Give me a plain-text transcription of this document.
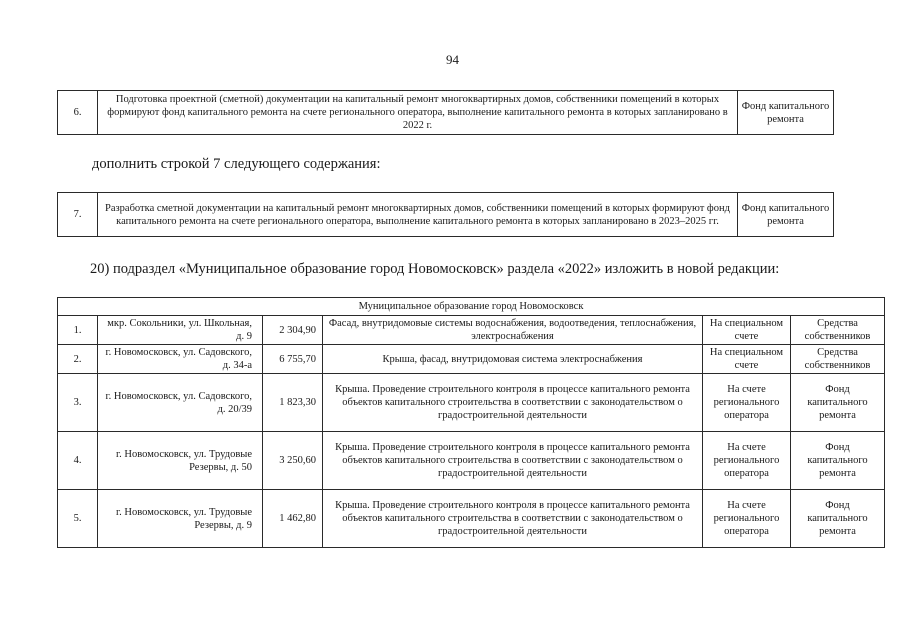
94
6.	Подготовка проектной (сметной) документации на капитальный ремонт многоквартирных домов, собственники помещений в которых формируют фонд капитального ремонта на счете регионального оператора, выполнение капитального ремонта в которых запланировано в 2022 г.	Фонд капитального ремонта
дополнить строкой 7 следующего содержания:
7.	Разработка сметной документации на капитальный ремонт многоквартирных домов, собственники помещений в которых формируют фонд капитального ремонта на счете регионального оператора, выполнение капитального ремонта в которых запланировано в 2023–2025 гг.	Фонд капитального ремонта
20) подраздел «Муниципальное образование город Новомосковск» раздела «2022» изложить в новой редакции:
Муниципальное образование город Новомосковск					
1.	мкр. Сокольники, ул. Школьная, д. 9	2 304,90	Фасад, внутридомовые системы водоснабжения, водоотведения, теплоснабжения, электроснабжения	На специальном счете	Средства собственников
2.	г. Новомосковск, ул. Садовского, д. 34-а	6 755,70	Крыша, фасад, внутридомовая система электроснабжения	На специальном счете	Средства собственников
3.	г. Новомосковск, ул. Садовского, д. 20/39	1 823,30	Крыша. Проведение строительного контроля в процессе капитального ремонта объектов капитального строительства в соответствии с законодательством о градостроительной деятельности	На счете регионального оператора	Фонд капитального ремонта
4.	г. Новомосковск, ул. Трудовые Резервы, д. 50	3 250,60	Крыша. Проведение строительного контроля в процессе капитального ремонта объектов капитального строительства в соответствии с законодательством о градостроительной деятельности	На счете регионального оператора	Фонд капитального ремонта
5.	г. Новомосковск, ул. Трудовые Резервы, д. 9	1 462,80	Крыша. Проведение строительного контроля в процессе капитального ремонта объектов капитального строительства в соответствии с законодательством о градостроительной деятельности	На счете регионального оператора	Фонд капитального ремонта
